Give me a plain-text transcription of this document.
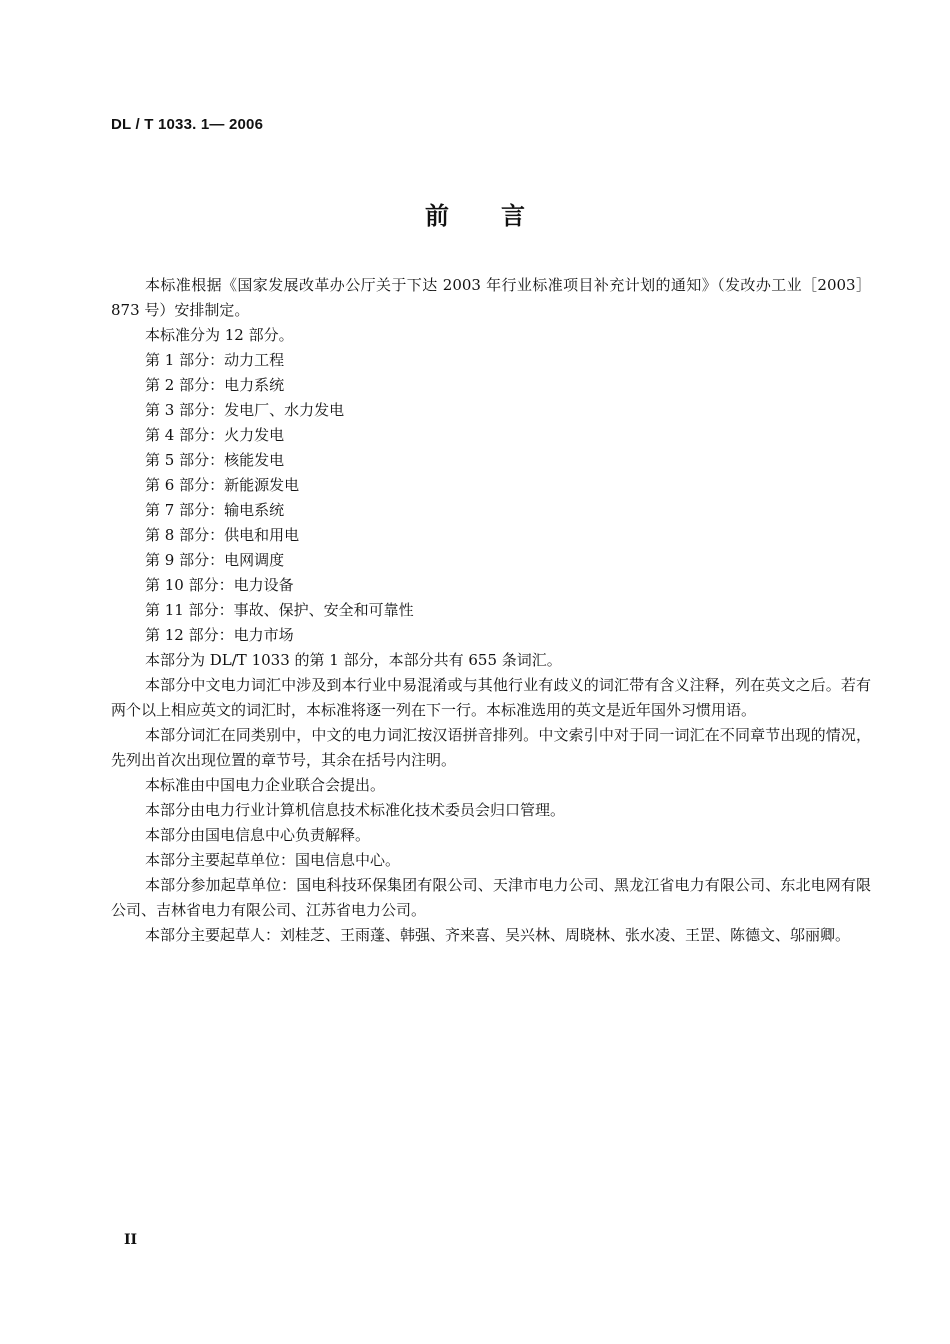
DL / T 1033. 1— 2006
前言

本标准根据《国家发展改革办公厅关于下达 2003 年行业标准项目补充计划的通知》（发改办工业［2003］873 号）安排制定。

本标准分为 12 部分。

第 1 部分：动力工程

第 2 部分：电力系统

第 3 部分：发电厂、水力发电

第 4 部分：火力发电

第 5 部分：核能发电

第 6 部分：新能源发电

第 7 部分：输电系统

第 8 部分：供电和用电

第 9 部分：电网调度

第 10 部分：电力设备

第 11 部分：事故、保护、安全和可靠性

第 12 部分：电力市场

本部分为 DL/T 1033 的第 1 部分，本部分共有 655 条词汇。

本部分中文电力词汇中涉及到本行业中易混淆或与其他行业有歧义的词汇带有含义注释，列在英文之后。若有两个以上相应英文的词汇时，本标准将逐一列在下一行。本标准选用的英文是近年国外习惯用语。

本部分词汇在同类别中，中文的电力词汇按汉语拼音排列。中文索引中对于同一词汇在不同章节出现的情况，先列出首次出现位置的章节号，其余在括号内注明。

本标准由中国电力企业联合会提出。

本部分由电力行业计算机信息技术标准化技术委员会归口管理。

本部分由国电信息中心负责解释。

本部分主要起草单位：国电信息中心。

本部分参加起草单位：国电科技环保集团有限公司、天津市电力公司、黑龙江省电力有限公司、东北电网有限公司、吉林省电力有限公司、江苏省电力公司。

本部分主要起草人：刘桂芝、王雨蓬、韩强、齐来喜、吴兴林、周晓林、张水凌、王罡、陈德文、邬丽卿。

II
